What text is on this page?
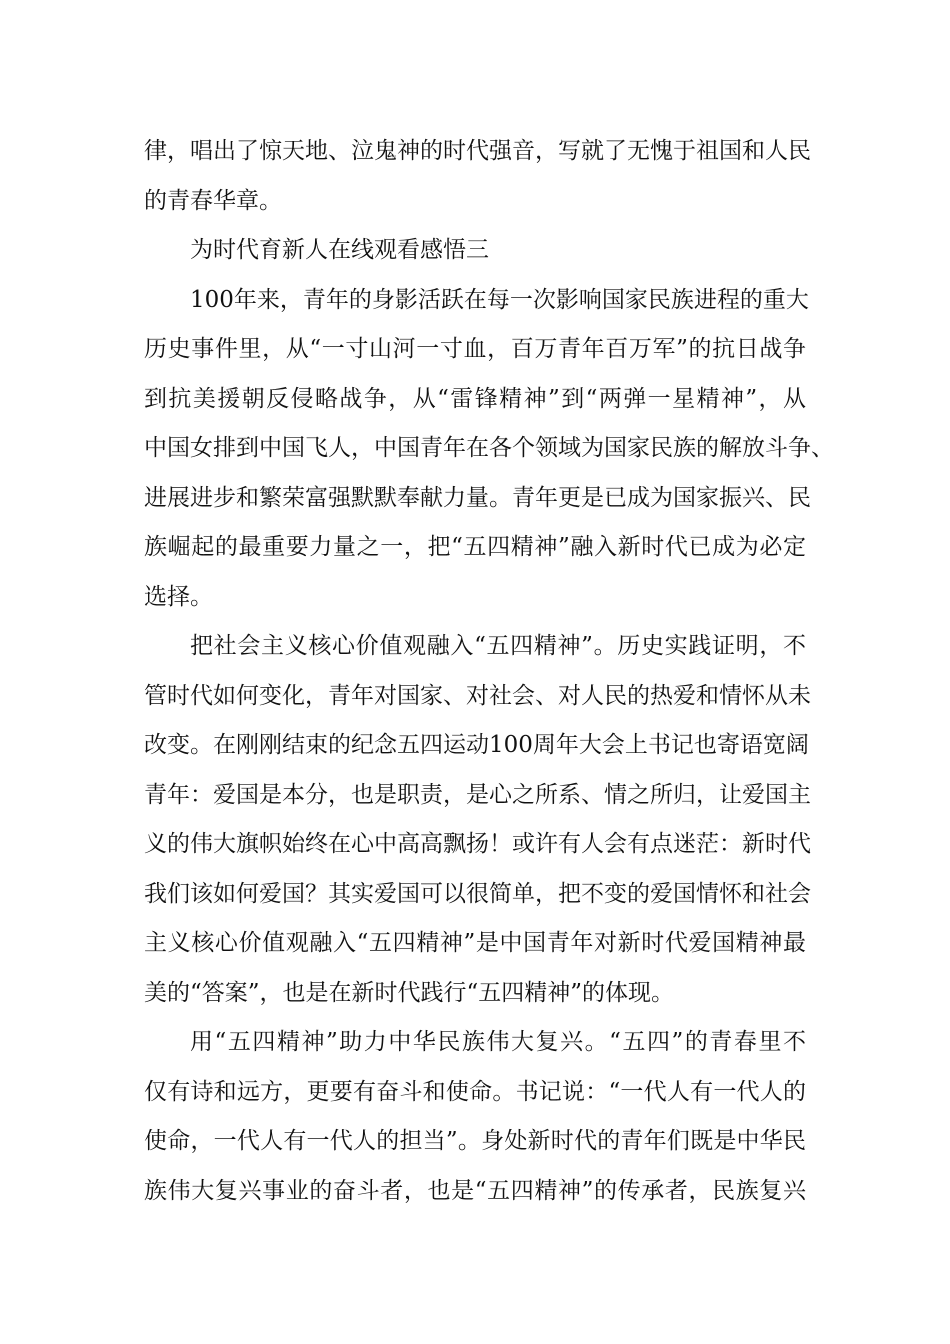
律，唱出了惊天地、泣鬼神的时代强音，写就了无愧于祖国和人民
的青春华章。
为时代育新人在线观看感悟三
100年来，青年的身影活跃在每一次影响国家民族进程的重大
历史事件里，从“一寸山河一寸血，百万青年百万军”的抗日战争
到抗美援朝反侵略战争，从“雷锋精神”到“两弹一星精神”，从
中国女排到中国飞人，中国青年在各个领域为国家民族的解放斗争、
进展进步和繁荣富强默默奉献力量。青年更是已成为国家振兴、民
族崛起的最重要力量之一，把“五四精神”融入新时代已成为必定
选择。
把社会主义核心价值观融入“五四精神”。历史实践证明，不
管时代如何变化，青年对国家、对社会、对人民的热爱和情怀从未
改变。在刚刚结束的纪念五四运动100周年大会上书记也寄语宽阔
青年：爱国是本分，也是职责，是心之所系、情之所归，让爱国主
义的伟大旗帜始终在心中高高飘扬！或许有人会有点迷茫：新时代
我们该如何爱国？其实爱国可以很简单，把不变的爱国情怀和社会
主义核心价值观融入“五四精神”是中国青年对新时代爱国精神最
美的“答案”，也是在新时代践行“五四精神”的体现。
用“五四精神”助力中华民族伟大复兴。“五四”的青春里不
仅有诗和远方，更要有奋斗和使命。书记说：“一代人有一代人的
使命，一代人有一代人的担当”。身处新时代的青年们既是中华民
族伟大复兴事业的奋斗者，也是“五四精神”的传承者，民族复兴
